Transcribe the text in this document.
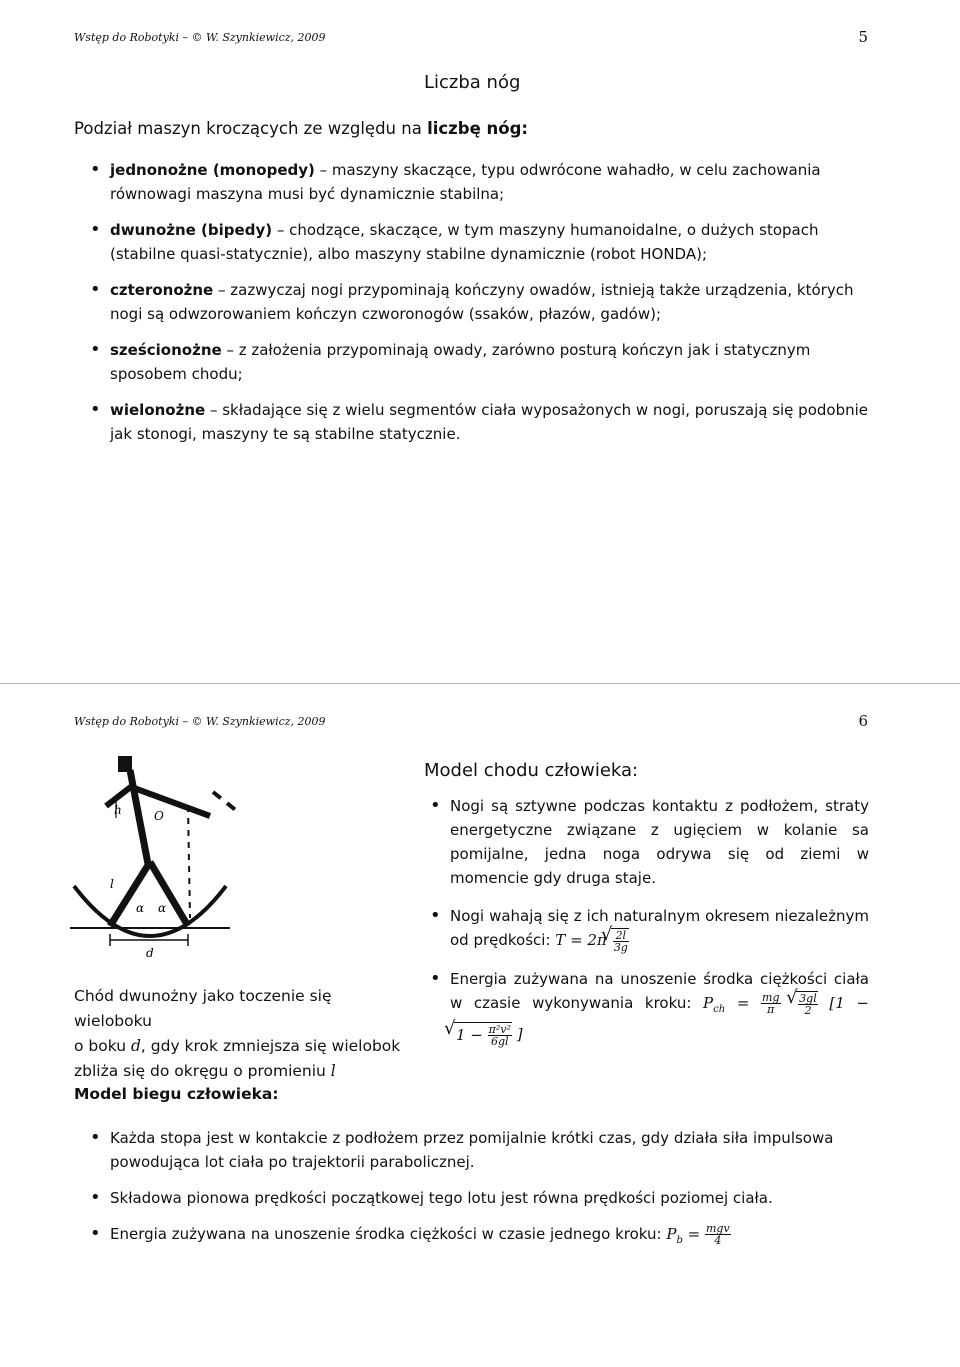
Wstęp do Robotyki – © W. Szynkiewicz, 2009	5
Liczba nóg
Podział maszyn kroczących ze względu na liczbę nóg:
• jednonożne (monopedy) – maszyny skaczące, typu odwrócone wahadło, w celu zachowania równowagi maszyna musi być dynamicznie stabilna;
• dwunożne (bipedy) – chodzące, skaczące, w tym maszyny humanoidalne, o dużych stopach (stabilne quasi-statycznie), albo maszyny stabilne dynamicznie (robot HONDA);
• czteronożne – zazwyczaj nogi przypominają kończyny owadów, istnieją także urządzenia, których nogi są odwzorowaniem kończyn czworonogów (ssaków, płazów, gadów);
• sześcionożne – z założenia przypominają owady, zarówno posturą kończyn jak i statycznym sposobem chodu;
• wielonożne – składające się z wielu segmentów ciała wyposażonych w nogi, poruszają się podobnie jak stonogi, maszyny te są stabilne statycznie.
Wstęp do Robotyki – © W. Szynkiewicz, 2009	6
h	O
l
α α
d
Chód dwunożny jako toczenie się wieloboku
o boku d, gdy krok zmniejsza się wielobok
zbliża się do okręgu o promieniu l
Model biegu człowieka:
Model chodu człowieka:
• Nogi są sztywne podczas kontaktu z podłożem, straty energetyczne związane z ugięciem w kolanie sa pomijalne, jedna noga odrywa się od ziemi w momencie gdy druga staje.
• Nogi wahają się z ich naturalnym okresem niezależnym od prędkości: T = 2π √ $\frac{2l}{3g}$
• Energia zużywana na unoszenie środka ciężkości ciała w czasie wykonywania kroku: $P_{ch} = \frac{mg}{\pi}$
√ $\frac{3gl}{2} [1$ − √ $1 - \frac{\text{π²v²}}{6gl}$ ]
• Każda stopa jest w kontakcie z podłożem przez pomijalnie krótki czas, gdy działa siła impulsowa powodująca lot ciała po trajektorii parabolicznej.
• Składowa pionowa prędkości początkowej tego lotu jest równa prędkości poziomej ciała.
• Energia zużywana na unoszenie środka ciężkości w czasie jednego kroku: $P_b = \frac{\text{mgv}}{4}$
